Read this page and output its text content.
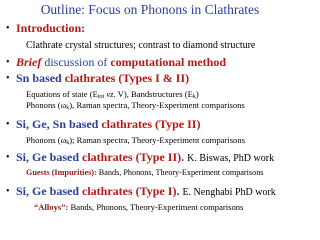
Outline: Focus on Phonons in Clathrates
• Introduction:
Clathrate crystal structures; contrast to diamond structure
• Brief discussion of computational method
• Sn based clathrates (Types I & II)
Equations of state (Etot vz. V), Bandstructures (Ek)
Phonons (ωk), Raman spectra, Theory-Experiment comparisons
• Si, Ge, Sn based clathrates (Type II)
Phonons (ωk); Raman spectra, Theory-Experiment comparisons
• Si, Ge based clathrates (Type II). K. Biswas, PhD work
Guests (Impurities): Bands, Phonons, Theory-Experiment comparisons
• Si, Ge based clathrates (Type I). E. Nenghabi PhD work
“Alloys”: Bands, Phonons, Theory-Experiment comparisons
